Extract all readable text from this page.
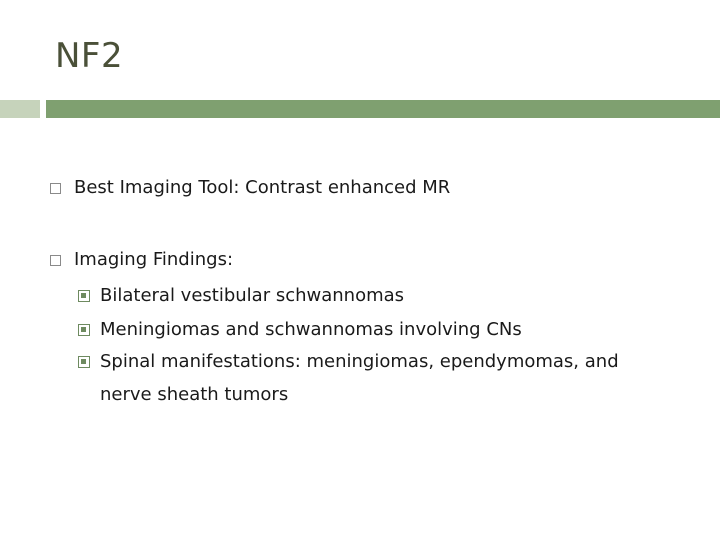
NF2
Best Imaging Tool: Contrast enhanced MR
Imaging Findings:
Bilateral vestibular schwannomas
Meningiomas and schwannomas involving CNs
Spinal manifestations: meningiomas, ependymomas, and nerve sheath tumors
